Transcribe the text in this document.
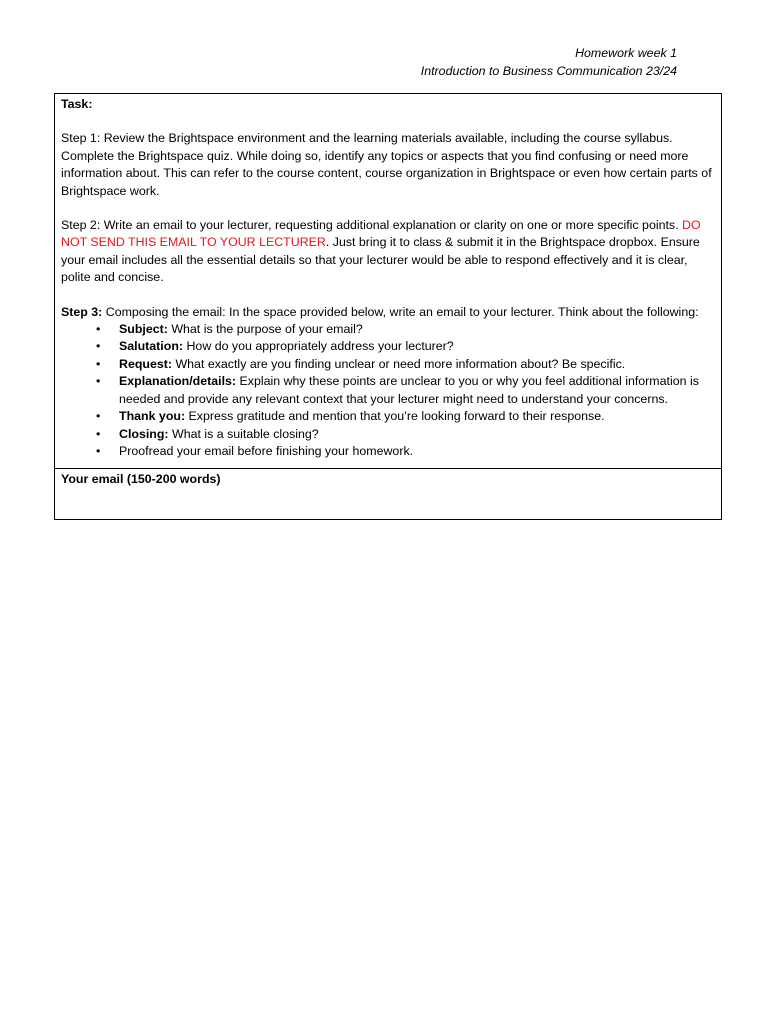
Homework week 1
Introduction to Business Communication 23/24
Task:

Step 1: Review the Brightspace environment and the learning materials available, including the course syllabus. Complete the Brightspace quiz. While doing so, identify any topics or aspects that you find confusing or need more information about. This can refer to the course content, course organization in Brightspace or even how certain parts of Brightspace work.

Step 2: Write an email to your lecturer, requesting additional explanation or clarity on one or more specific points. DO NOT SEND THIS EMAIL TO YOUR LECTURER. Just bring it to class & submit it in the Brightspace dropbox. Ensure your email includes all the essential details so that your lecturer would be able to respond effectively and it is clear, polite and concise.

Step 3: Composing the email: In the space provided below, write an email to your lecturer. Think about the following:

• Subject: What is the purpose of your email?
• Salutation: How do you appropriately address your lecturer?
• Request: What exactly are you finding unclear or need more information about? Be specific.
• Explanation/details: Explain why these points are unclear to you or why you feel additional information is needed and provide any relevant context that your lecturer might need to understand your concerns.
• Thank you: Express gratitude and mention that you’re looking forward to their response.
• Closing: What is a suitable closing?
• Proofread your email before finishing your homework.
Your email (150-200 words)
